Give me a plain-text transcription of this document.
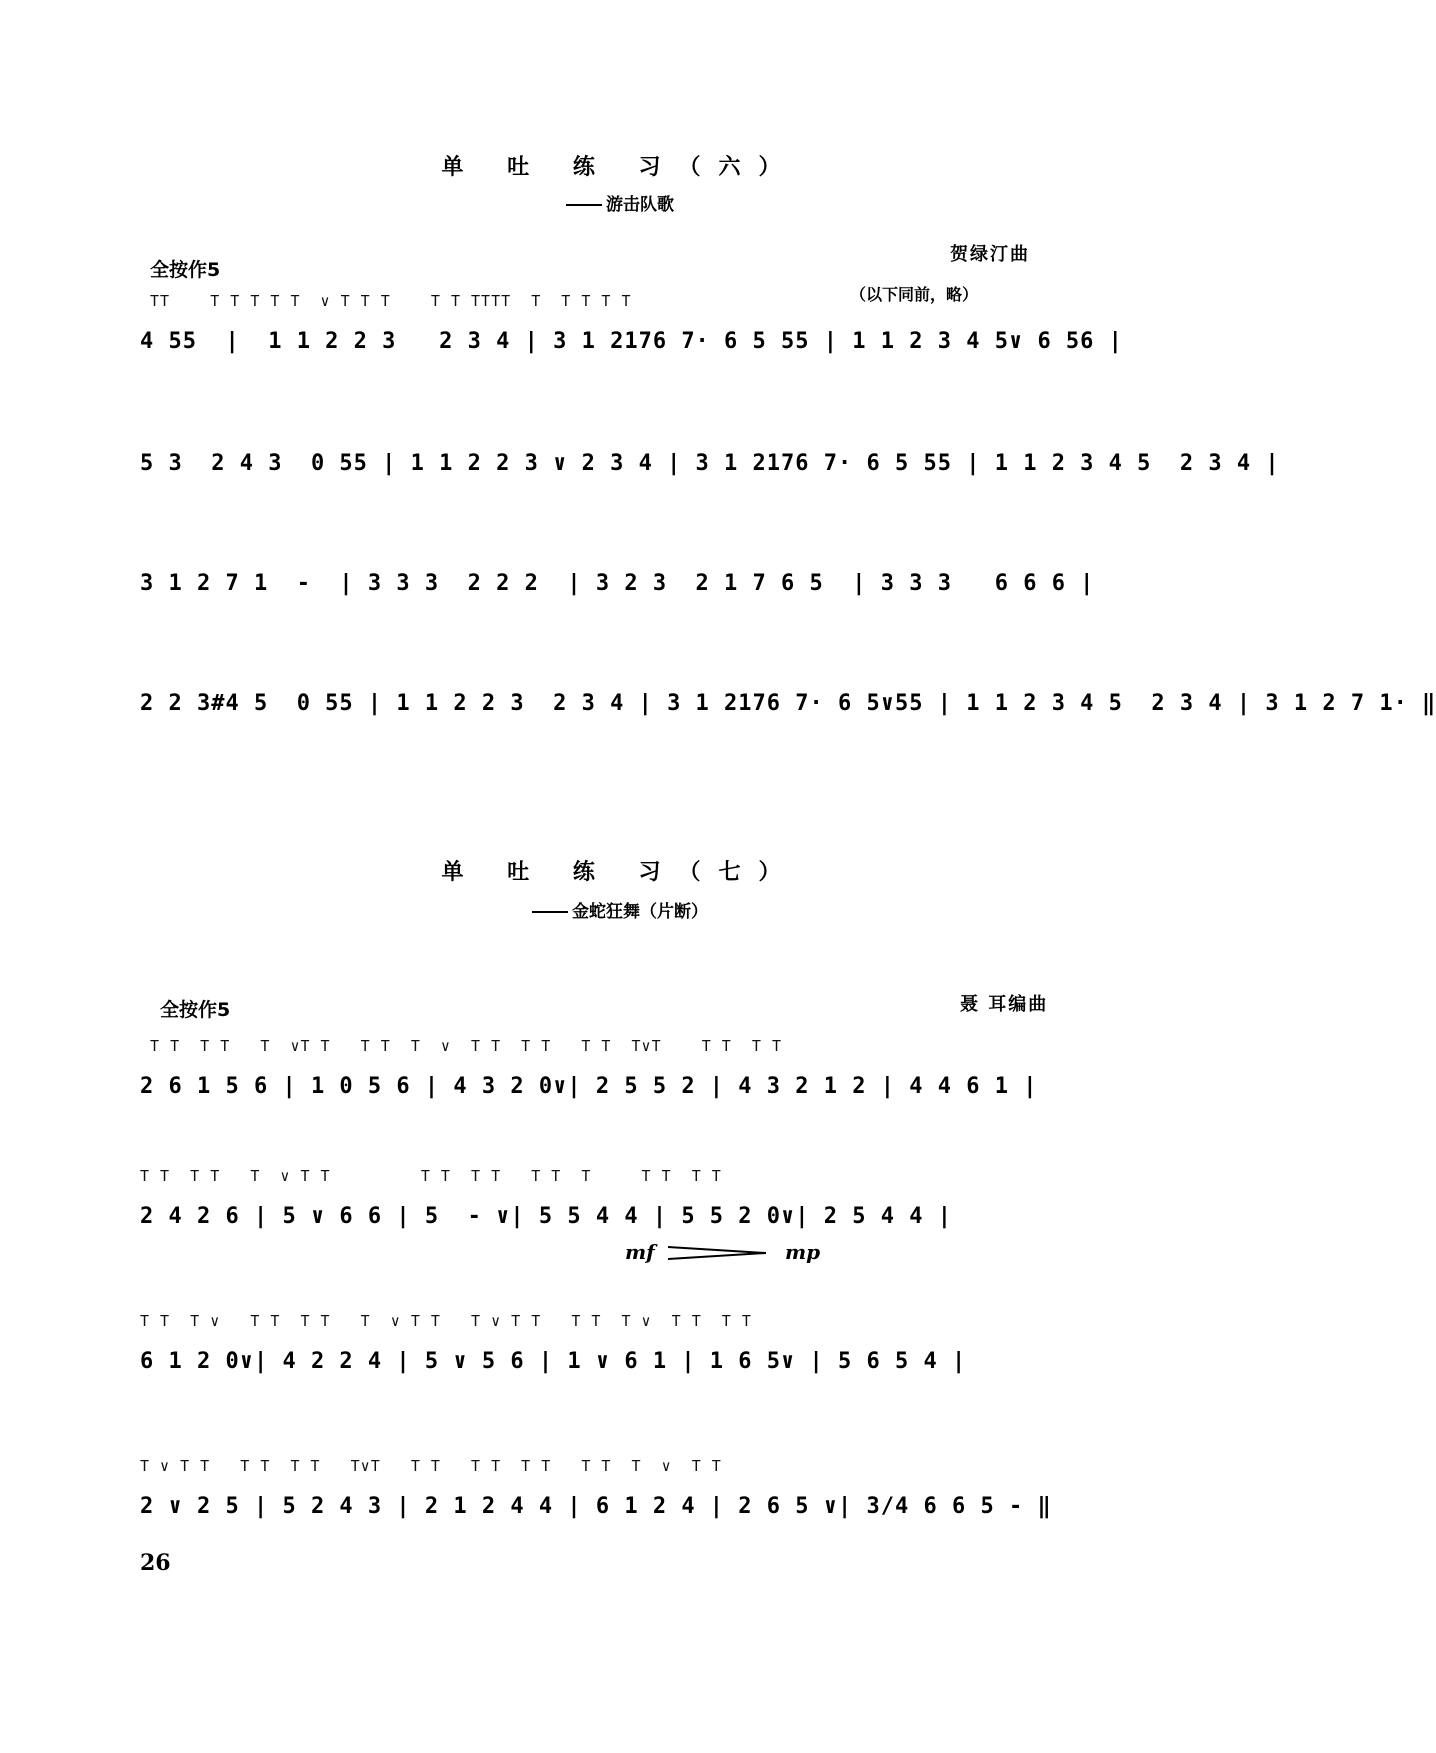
单 吐 练 习（六）
游击队歌
贺绿汀曲
全按作5
（以下同前，略）
TT    T T T T T  ∨ T T T    T T TTTT  T  T T T T
4 55  |  1 1 2 2 3   2 3 4 | 3 1 2176 7· 6 5 55 | 1 1 2 3 4 5∨ 6 56 |
5 3  2 4 3  0 55 | 1 1 2 2 3 ∨ 2 3 4 | 3 1 2176 7· 6 5 55 | 1 1 2 3 4 5  2 3 4 |
3 1 2 7 1  -  | 3 3 3  2 2 2  | 3 2 3  2 1 7 6 5  | 3 3 3   6 6 6 |
2 2 3#4 5  0 55 | 1 1 2 2 3  2 3 4 | 3 1 2176 7· 6 5∨55 | 1 1 2 3 4 5  2 3 4 | 3 1 2 7 1· ‖
单 吐 练 习（七）
金蛇狂舞（片断）
聂 耳编曲
全按作5
T T  T T   T  ∨T T   T T  T  ∨  T T  T T   T T  T∨T    T T  T T
2 6 1 5 6 | 1 0 5 6 | 4 3 2 0∨| 2 5 5 2 | 4 3 2 1 2 | 4 4 6 1 |
T T  T T   T  ∨ T T         T T  T T   T T  T     T T  T T
2 4 2 6 | 5 ∨ 6 6 | 5  - ∨| 5 5 4 4 | 5 5 2 0∨| 2 5 4 4 |
mf	mp
T T  T ∨   T T  T T   T  ∨ T T   T ∨ T T   T T  T ∨  T T  T T
6 1 2 0∨| 4 2 2 4 | 5 ∨ 5 6 | 1 ∨ 6 1 | 1 6 5∨ | 5 6 5 4 |
T ∨ T T   T T  T T   T∨T   T T   T T  T T   T T  T  ∨  T T
2 ∨ 2 5 | 5 2 4 3 | 2 1 2 4 4 | 6 1 2 4 | 2 6 5 ∨| 3/4 6 6 5 - ‖
26
